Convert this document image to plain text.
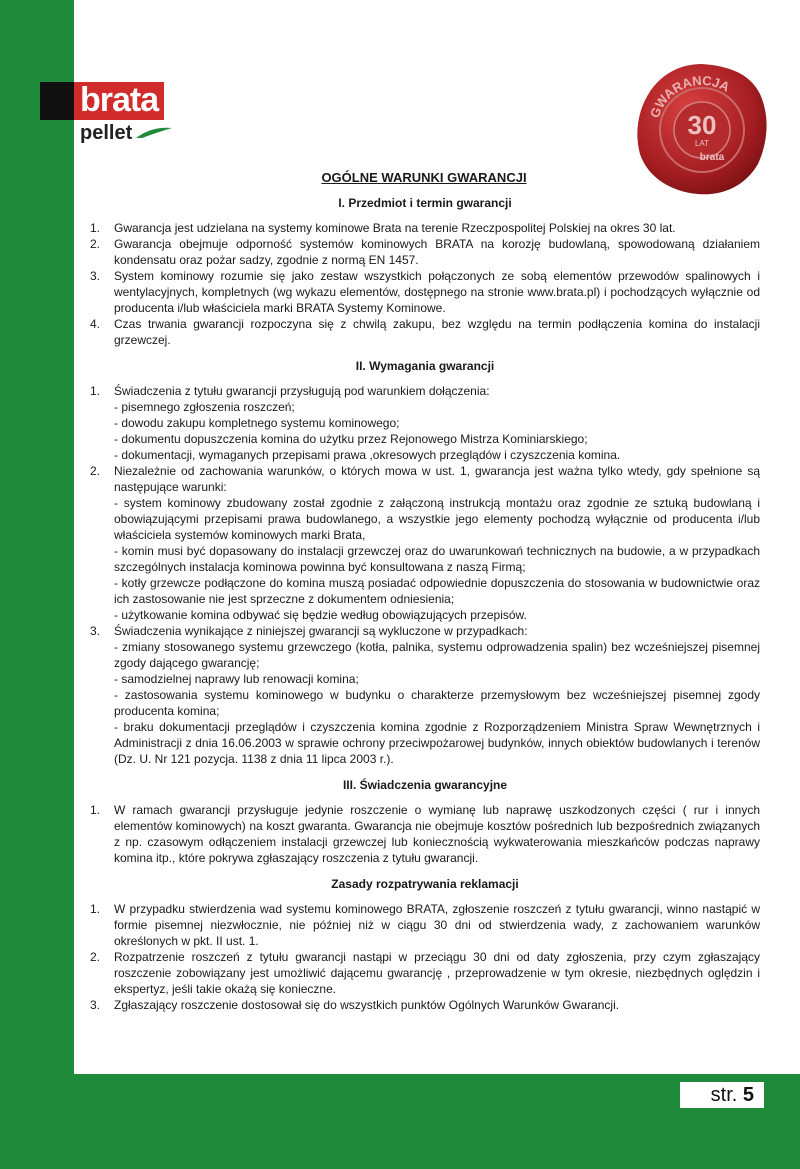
brata
pellet
GWARANCJA
30
LAT
brata
OGÓLNE WARUNKI GWARANCJI
I. Przedmiot i termin gwarancji
1.	Gwarancja jest udzielana na systemy kominowe Brata na terenie Rzeczpospolitej Polskiej na okres 30 lat.
2.	Gwarancja obejmuje odporność systemów kominowych BRATA na korozję budowlaną, spowodowaną działaniem kondensatu oraz pożar sadzy, zgodnie z normą EN 1457.
3.	System kominowy rozumie się jako zestaw wszystkich połączonych ze sobą elementów przewodów spalinowych i wentylacyjnych, kompletnych (wg wykazu elementów, dostępnego na stronie www.brata.pl) i pochodzących wyłącznie od producenta i/lub właściciela marki BRATA Systemy Kominowe.
4.	Czas trwania gwarancji rozpoczyna się z chwilą zakupu, bez względu na termin podłączenia komina do instalacji grzewczej.
II. Wymagania gwarancji
1.	Świadczenia z tytułu gwarancji przysługują pod warunkiem dołączenia:
- pisemnego zgłoszenia roszczeń;
- dowodu zakupu kompletnego systemu kominowego;
- dokumentu dopuszczenia komina do użytku przez Rejonowego Mistrza Kominiarskiego;
- dokumentacji, wymaganych przepisami prawa ,okresowych przeglądów i czyszczenia komina.
2.	Niezależnie od zachowania warunków, o których mowa w ust. 1, gwarancja jest ważna tylko wtedy, gdy spełnione są następujące warunki:
- system kominowy zbudowany został zgodnie z załączoną instrukcją montażu oraz zgodnie ze sztuką budowlaną i obowiązującymi przepisami prawa budowlanego, a wszystkie jego elementy pochodzą wyłącznie od producenta i/lub właściciela systemów kominowych marki Brata,
- komin musi być dopasowany do instalacji grzewczej oraz do uwarunkowań technicznych na budowie, a w przypadkach szczególnych instalacja kominowa powinna być konsultowana z naszą Firmą;
- kotły grzewcze podłączone do komina muszą posiadać odpowiednie dopuszczenia do stosowania w budownictwie oraz ich zastosowanie nie jest sprzeczne z dokumentem odniesienia;
- użytkowanie komina odbywać się będzie według obowiązujących przepisów.
3.	Świadczenia wynikające z niniejszej gwarancji są wykluczone w przypadkach:
- zmiany stosowanego systemu grzewczego (kotła, palnika, systemu odprowadzenia spalin) bez wcześniejszej pisemnej zgody dającego gwarancję;
- samodzielnej naprawy lub renowacji komina;
- zastosowania systemu kominowego w budynku o charakterze przemysłowym bez wcześniejszej pisemnej zgody producenta komina;
- braku dokumentacji przeglądów i czyszczenia komina zgodnie z Rozporządzeniem Ministra Spraw Wewnętrznych i Administracji z dnia 16.06.2003 w sprawie ochrony przeciwpożarowej budynków, innych obiektów budowlanych i terenów (Dz. U. Nr 121 pozycja. 1138 z dnia 11 lipca 2003 r.).
III. Świadczenia gwarancyjne
1.	W ramach gwarancji przysługuje jedynie roszczenie o wymianę lub naprawę uszkodzonych części ( rur i innych elementów kominowych) na koszt gwaranta. Gwarancja nie obejmuje kosztów pośrednich lub bezpośrednich związanych z np. czasowym odłączeniem instalacji grzewczej lub koniecznością wykwaterowania mieszkańców podczas naprawy komina itp., które pokrywa zgłaszający roszczenia z tytułu gwarancji.
Zasady rozpatrywania reklamacji
1.	W przypadku stwierdzenia wad systemu kominowego BRATA, zgłoszenie roszczeń z tytułu gwarancji, winno nastąpić w formie pisemnej niezwłocznie, nie później niż w ciągu 30 dni od stwierdzenia wady, z zachowaniem warunków określonych w pkt. II ust. 1.
2.	Rozpatrzenie roszczeń z tytułu gwarancji nastąpi w przeciągu 30 dni od daty zgłoszenia, przy czym zgłaszający roszczenie zobowiązany jest umożliwić dającemu gwarancję , przeprowadzenie w tym okresie, niezbędnych oględzin i ekspertyz, jeśli takie okażą się konieczne.
3.	Zgłaszający roszczenie dostosował się do wszystkich punktów Ogólnych Warunków Gwarancji.
str. 5
